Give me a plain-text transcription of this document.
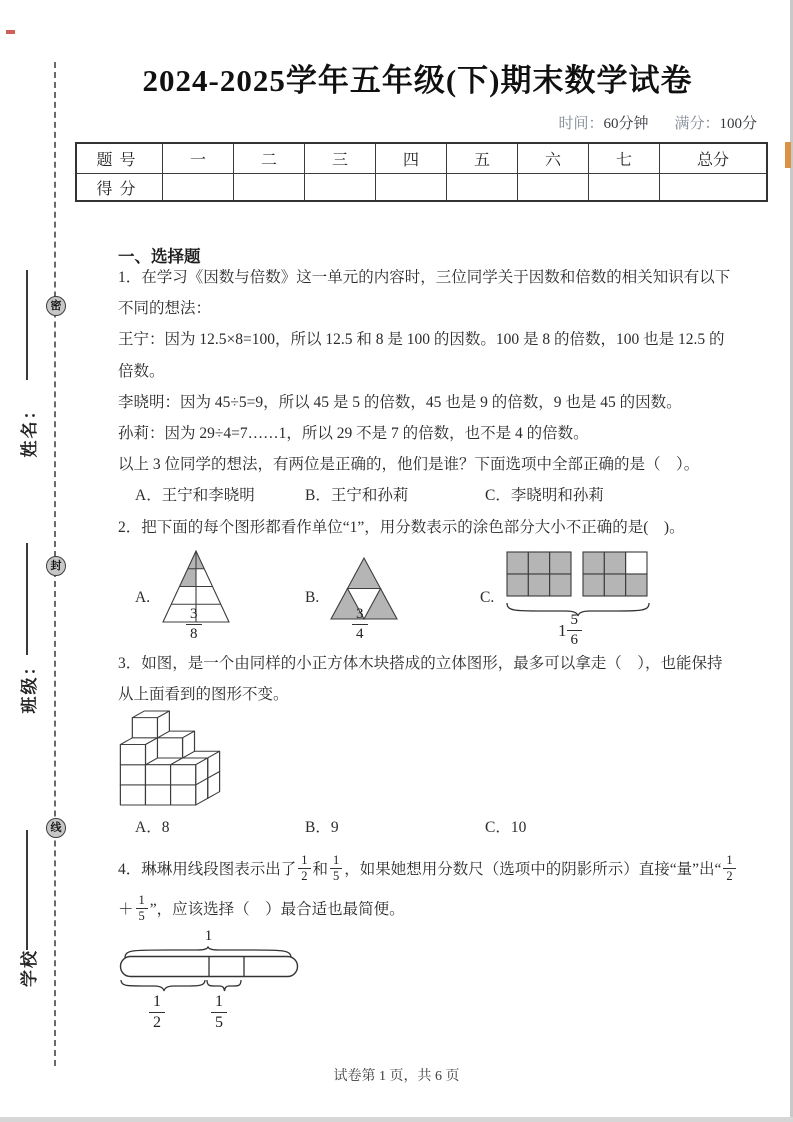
密
封
线
姓名：
班级：
学校
2024-2025学年五年级(下)期末数学试卷
时间：60分钟 满分：100分
题号	一	二	三	四	五	六	七	总分
得分								
一、选择题
1．在学习《因数与倍数》这一单元的内容时，三位同学关于因数和倍数的相关知识有以下
不同的想法：
王宁：因为 12.5×8=100，所以 12.5 和 8 是 100 的因数。100 是 8 的倍数，100 也是 12.5 的
倍数。
李晓明：因为 45÷5=9，所以 45 是 5 的倍数，45 也是 9 的倍数，9 也是 45 的因数。
孙莉：因为 29÷4=7……1，所以 29 不是 7 的倍数，也不是 4 的倍数。
以上 3 位同学的想法，有两位是正确的，他们是谁？下面选项中全部正确的是（　）。
A．王宁和李晓明	B．王宁和孙莉	C．李晓明和孙莉
2．把下面的每个图形都看作单位“1”，用分数表示的涂色部分大小不正确的是(　)。
A.
$\frac{3}{8}$
B.
$\frac{3}{4}$
C.
$1 \frac{5}{6}$
3．如图，是一个由同样的小正方体木块搭成的立体图形，最多可以拿走（　），也能保持
从上面看到的图形不变。
A．8	B．9	C．10
4．琳琳用线段图表示出了 $\frac{1}{2}$ 和 $\frac{1}{5}$ ，如果她想用分数尺（选项中的阴影所示）直接“量”出“ $\frac{1}{2}$
＋ $\frac{1}{5}$ ”，应该选择（　）最合适也最简便。
1
$\frac{1}{2}$	$\frac{1}{5}$
试卷第 1 页，共 6 页
